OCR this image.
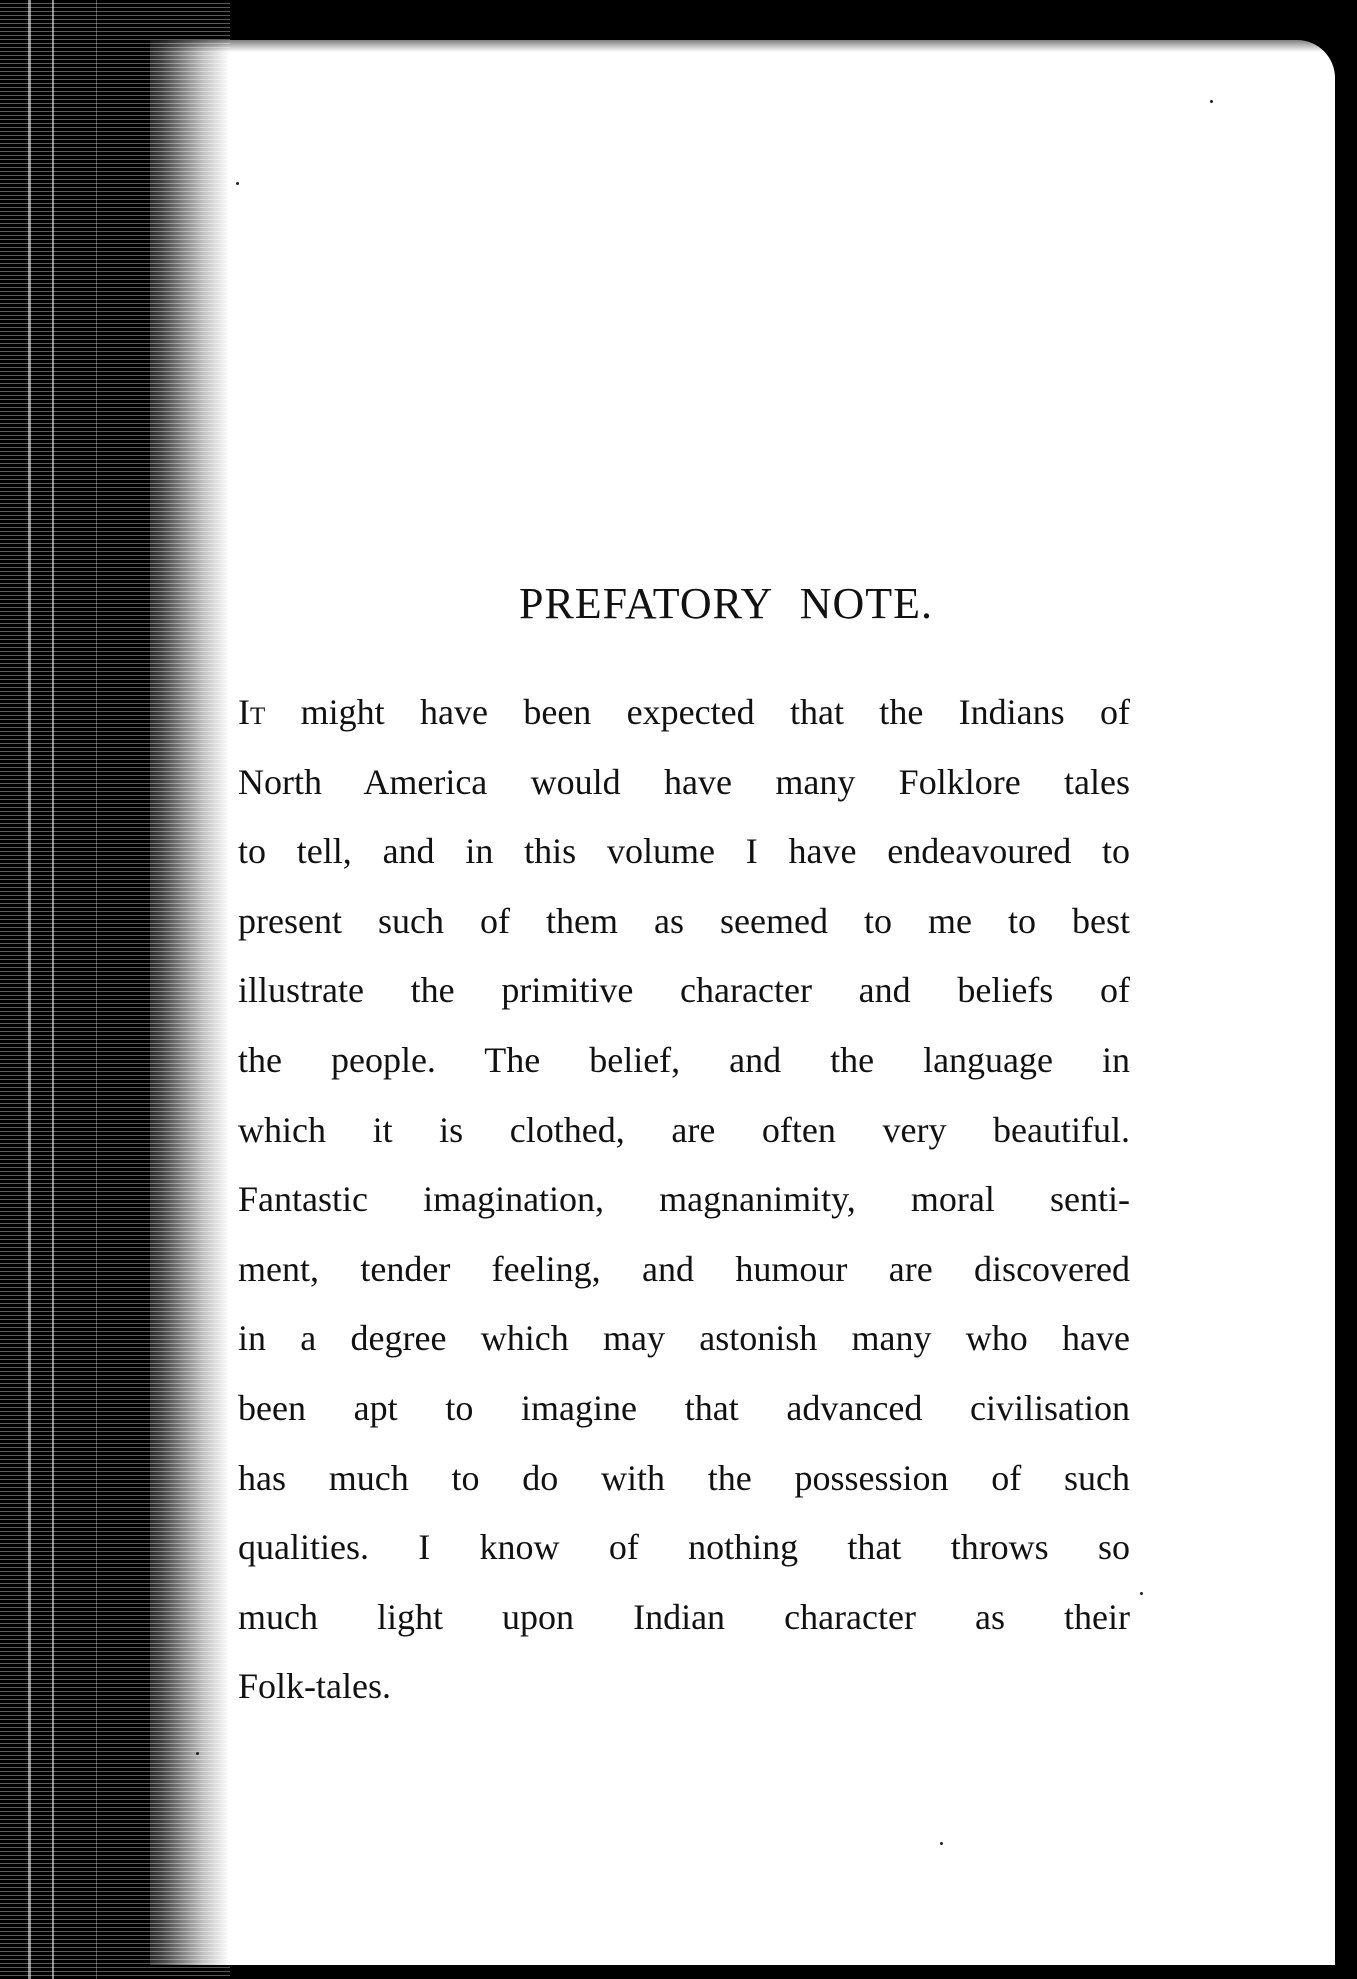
PREFATORY NOTE.

It might have been expected that the Indians of
North America would have many Folklore tales
to tell, and in this volume I have endeavoured to
present such of them as seemed to me to best
illustrate the primitive character and beliefs of
the people. The belief, and the language in
which it is clothed, are often very beautiful.
Fantastic imagination, magnanimity, moral senti-
ment, tender feeling, and humour are discovered
in a degree which may astonish many who have
been apt to imagine that advanced civilisation
has much to do with the possession of such
qualities. I know of nothing that throws so
much light upon Indian character as their
Folk-tales.
